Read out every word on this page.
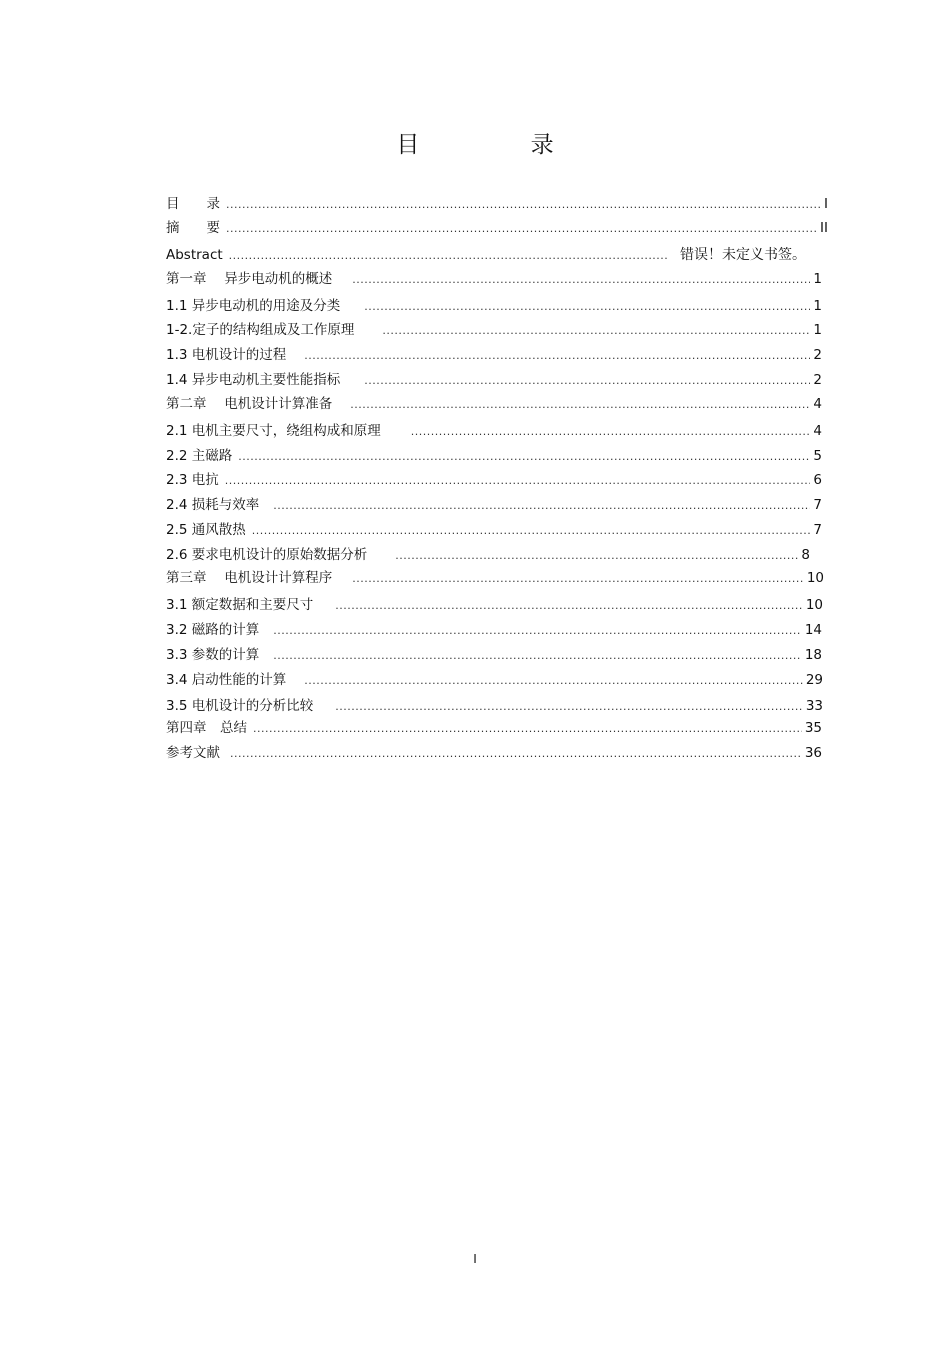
目 录
目　　录 .....	I
摘　　要 .....	II
Abstract .....	错误！未定义书签。
第一章　 异步电动机的概述 .....	1
1.1 异步电动机的用途及分类 .....	1
1-2.定子的结构组成及工作原理 .....	1
1.3 电机设计的过程 .....	2
1.4 异步电动机主要性能指标 .....	2
第二章　 电机设计计算准备 .....	4
2.1 电机主要尺寸，绕组构成和原理 .....	4
2.2 主磁路 .....	5
2.3 电抗 .....	6
2.4 损耗与效率 .....	7
2.5 通风散热 .....	7
2.6 要求电机设计的原始数据分析 .....	8
第三章　 电机设计计算程序 .....	10
3.1 额定数据和主要尺寸 .....	10
3.2 磁路的计算 .....	14
3.3 参数的计算 .....	18
3.4 启动性能的计算 .....	29
3.5 电机设计的分析比较 .....	33
第四章　总结 .....	35
参考文献 .....	36
I
